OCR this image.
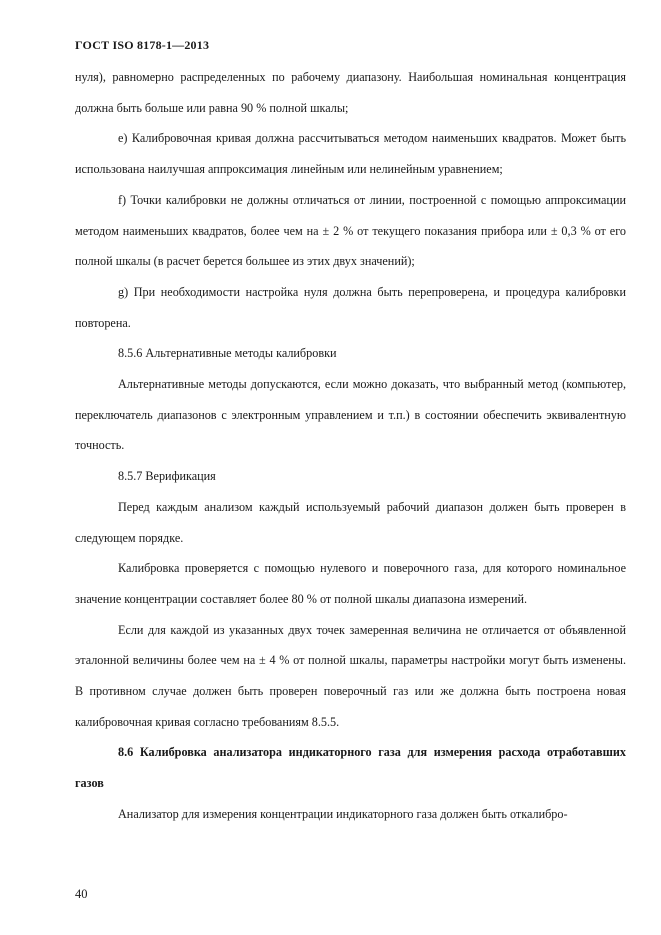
ГОСТ ISO 8178-1—2013

нуля), равномерно распределенных по рабочему диапазону. Наибольшая номинальная концентрация должна быть больше или равна 90 % полной шкалы;

е) Калибровочная кривая должна рассчитываться методом наименьших квадратов. Может быть использована наилучшая аппроксимация линейным или нелинейным уравнением;

f) Точки калибровки не должны отличаться от линии, построенной с помощью аппроксимации методом наименьших квадратов, более чем на ± 2 % от текущего показания прибора или ± 0,3 % от его полной шкалы (в расчет берется большее из этих двух значений);

g) При необходимости настройка нуля должна быть перепроверена, и процедура калибровки повторена.

8.5.6 Альтернативные методы калибровки

Альтернативные методы допускаются, если можно доказать, что выбранный метод (компьютер, переключатель диапазонов с электронным управлением и т.п.) в состоянии обеспечить эквивалентную точность.

8.5.7 Верификация

Перед каждым анализом каждый используемый рабочий диапазон должен быть проверен в следующем порядке.

Калибровка проверяется с помощью нулевого и поверочного газа, для которого номинальное значение концентрации составляет более 80 % от полной шкалы диапазона измерений.

Если для каждой из указанных двух точек замеренная величина не отличается от объявленной эталонной величины более чем на ± 4 % от полной шкалы, параметры настройки могут быть изменены. В противном случае должен быть проверен поверочный газ или же должна быть построена новая калибровочная кривая согласно требованиям 8.5.5.

8.6 Калибровка анализатора индикаторного газа для измерения расхода отработавших газов

Анализатор для измерения концентрации индикаторного газа должен быть откалибро-

40
